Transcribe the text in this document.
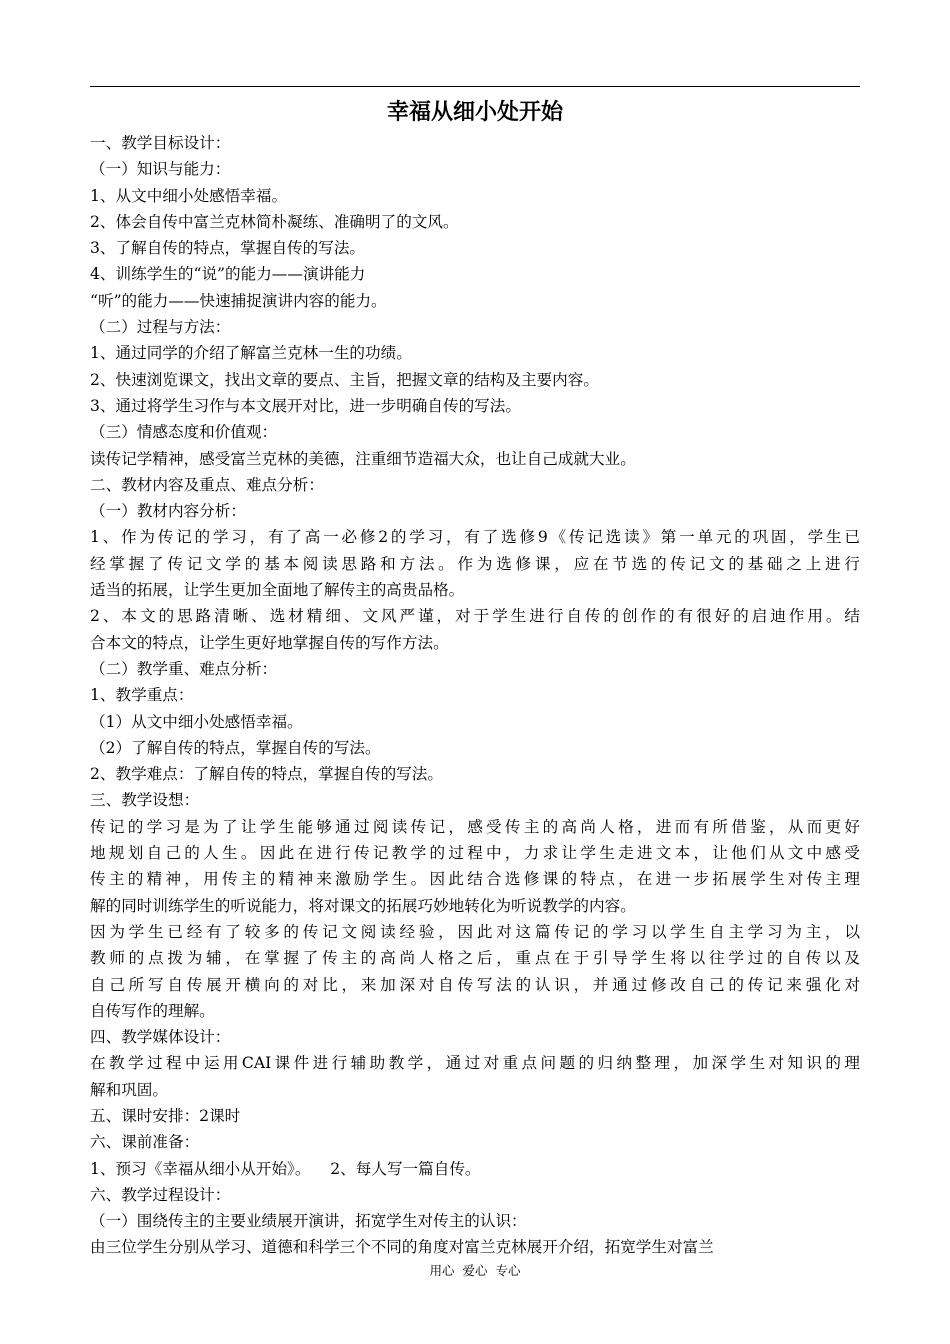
幸福从细小处开始
一、教学目标设计：
（一）知识与能力：
1、从文中细小处感悟幸福。
2、体会自传中富兰克林简朴凝练、准确明了的文风。
3、了解自传的特点，掌握自传的写法。
4、训练学生的“说”的能力——演讲能力
“听”的能力——快速捕捉演讲内容的能力。
（二）过程与方法：
1、通过同学的介绍了解富兰克林一生的功绩。
2、快速浏览课文，找出文章的要点、主旨，把握文章的结构及主要内容。
3、通过将学生习作与本文展开对比，进一步明确自传的写法。
（三）情感态度和价值观：
读传记学精神，感受富兰克林的美德，注重细节造福大众，也让自己成就大业。
二、教材内容及重点、难点分析：
（一）教材内容分析：
1、作为传记的学习，有了高一必修2的学习，有了选修9《传记选读》第一单元的巩固，学生已
经掌握了传记文学的基本阅读思路和方法。作为选修课，应在节选的传记文的基础之上进行
适当的拓展，让学生更加全面地了解传主的高贵品格。
2、本文的思路清晰、选材精细、文风严谨，对于学生进行自传的创作的有很好的启迪作用。结
合本文的特点，让学生更好地掌握自传的写作方法。
（二）教学重、难点分析：
1、教学重点：
（1）从文中细小处感悟幸福。
（2）了解自传的特点，掌握自传的写法。
2、教学难点：了解自传的特点，掌握自传的写法。
三、教学设想：
传记的学习是为了让学生能够通过阅读传记，感受传主的高尚人格，进而有所借鉴，从而更好
地规划自己的人生。因此在进行传记教学的过程中，力求让学生走进文本，让他们从文中感受
传主的精神，用传主的精神来激励学生。因此结合选修课的特点，在进一步拓展学生对传主理
解的同时训练学生的听说能力，将对课文的拓展巧妙地转化为听说教学的内容。
因为学生已经有了较多的传记文阅读经验，因此对这篇传记的学习以学生自主学习为主，以
教师的点拨为辅，在掌握了传主的高尚人格之后，重点在于引导学生将以往学过的自传以及
自己所写自传展开横向的对比，来加深对自传写法的认识，并通过修改自己的传记来强化对
自传写作的理解。
四、教学媒体设计：
在教学过程中运用CAI课件进行辅助教学，通过对重点问题的归纳整理，加深学生对知识的理
解和巩固。
五、课时安排：2课时
六、课前准备：
1、预习《幸福从细小从开始》。    2、每人写一篇自传。
六、教学过程设计：
（一）围绕传主的主要业绩展开演讲，拓宽学生对传主的认识：
由三位学生分别从学习、道德和科学三个不同的角度对富兰克林展开介绍，拓宽学生对富兰
用心  爱心  专心
